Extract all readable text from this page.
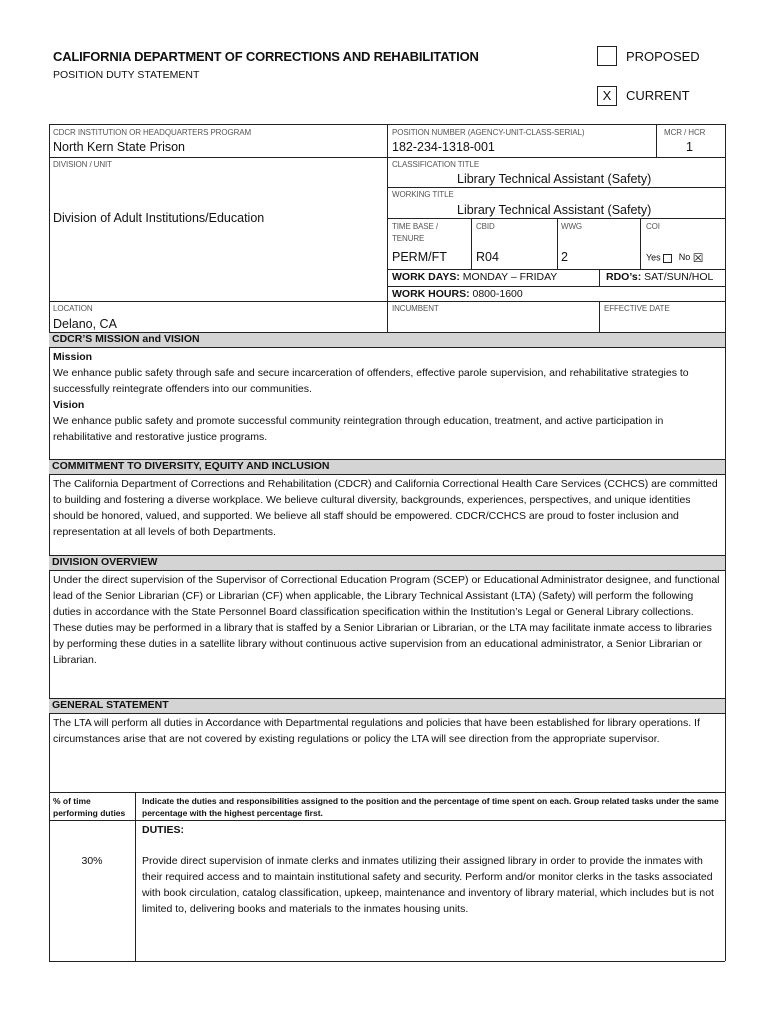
CALIFORNIA DEPARTMENT OF CORRECTIONS AND REHABILITATION
POSITION DUTY STATEMENT
PROPOSED
X	CURRENT
CDCR INSTITUTION OR HEADQUARTERS PROGRAM
North Kern State Prison
POSITION NUMBER (AGENCY-UNIT-CLASS-SERIAL)
182-234-1318-001
MCR / HCR
1
DIVISION / UNIT
Division of Adult Institutions/Education
CLASSIFICATION TITLE
Library Technical Assistant (Safety)
WORKING TITLE
Library Technical Assistant (Safety)
TIME BASE /
TENURE
PERM/FT
CBID
R04
WWG
2
COI
Yes No ☒
WORK DAYS: MONDAY – FRIDAY	RDO’s: SAT/SUN/HOL
WORK HOURS: 0800-1600
LOCATION
Delano, CA
INCUMBENT	EFFECTIVE DATE
CDCR’S MISSION and VISION
Mission
We enhance public safety through safe and secure incarceration of offenders, effective parole supervision, and rehabilitative strategies to successfully reintegrate offenders into our communities.
Vision
We enhance public safety and promote successful community reintegration through education, treatment, and active participation in rehabilitative and restorative justice programs.
COMMITMENT TO DIVERSITY, EQUITY AND INCLUSION
The California Department of Corrections and Rehabilitation (CDCR) and California Correctional Health Care Services (CCHCS) are committed to building and fostering a diverse workplace. We believe cultural diversity, backgrounds, experiences, perspectives, and unique identities should be honored, valued, and supported. We believe all staff should be empowered. CDCR/CCHCS are proud to foster inclusion and representation at all levels of both Departments.
DIVISION OVERVIEW
Under the direct supervision of the Supervisor of Correctional Education Program (SCEP) or Educational Administrator designee, and functional lead of the Senior Librarian (CF) or Librarian (CF) when applicable, the Library Technical Assistant (LTA) (Safety) will perform the following duties in accordance with the State Personnel Board classification specification within the Institution’s Legal or General Library collections. These duties may be performed in a library that is staffed by a Senior Librarian or Librarian, or the LTA may facilitate inmate access to libraries by performing these duties in a satellite library without continuous active supervision from an educational administrator, a Senior Librarian or Librarian.
GENERAL STATEMENT
The LTA will perform all duties in Accordance with Departmental regulations and policies that have been established for library operations. If circumstances arise that are not covered by existing regulations or policy the LTA will see direction from the appropriate supervisor.
% of time performing duties
Indicate the duties and responsibilities assigned to the position and the percentage of time spent on each. Group related tasks under the same percentage with the highest percentage first.
DUTIES:
30%	Provide direct supervision of inmate clerks and inmates utilizing their assigned library in order to provide the inmates with their required access and to maintain institutional safety and security. Perform and/or monitor clerks in the tasks associated with book circulation, catalog classification, upkeep, maintenance and inventory of library material, which includes but is not limited to, delivering books and materials to the inmates housing units.
